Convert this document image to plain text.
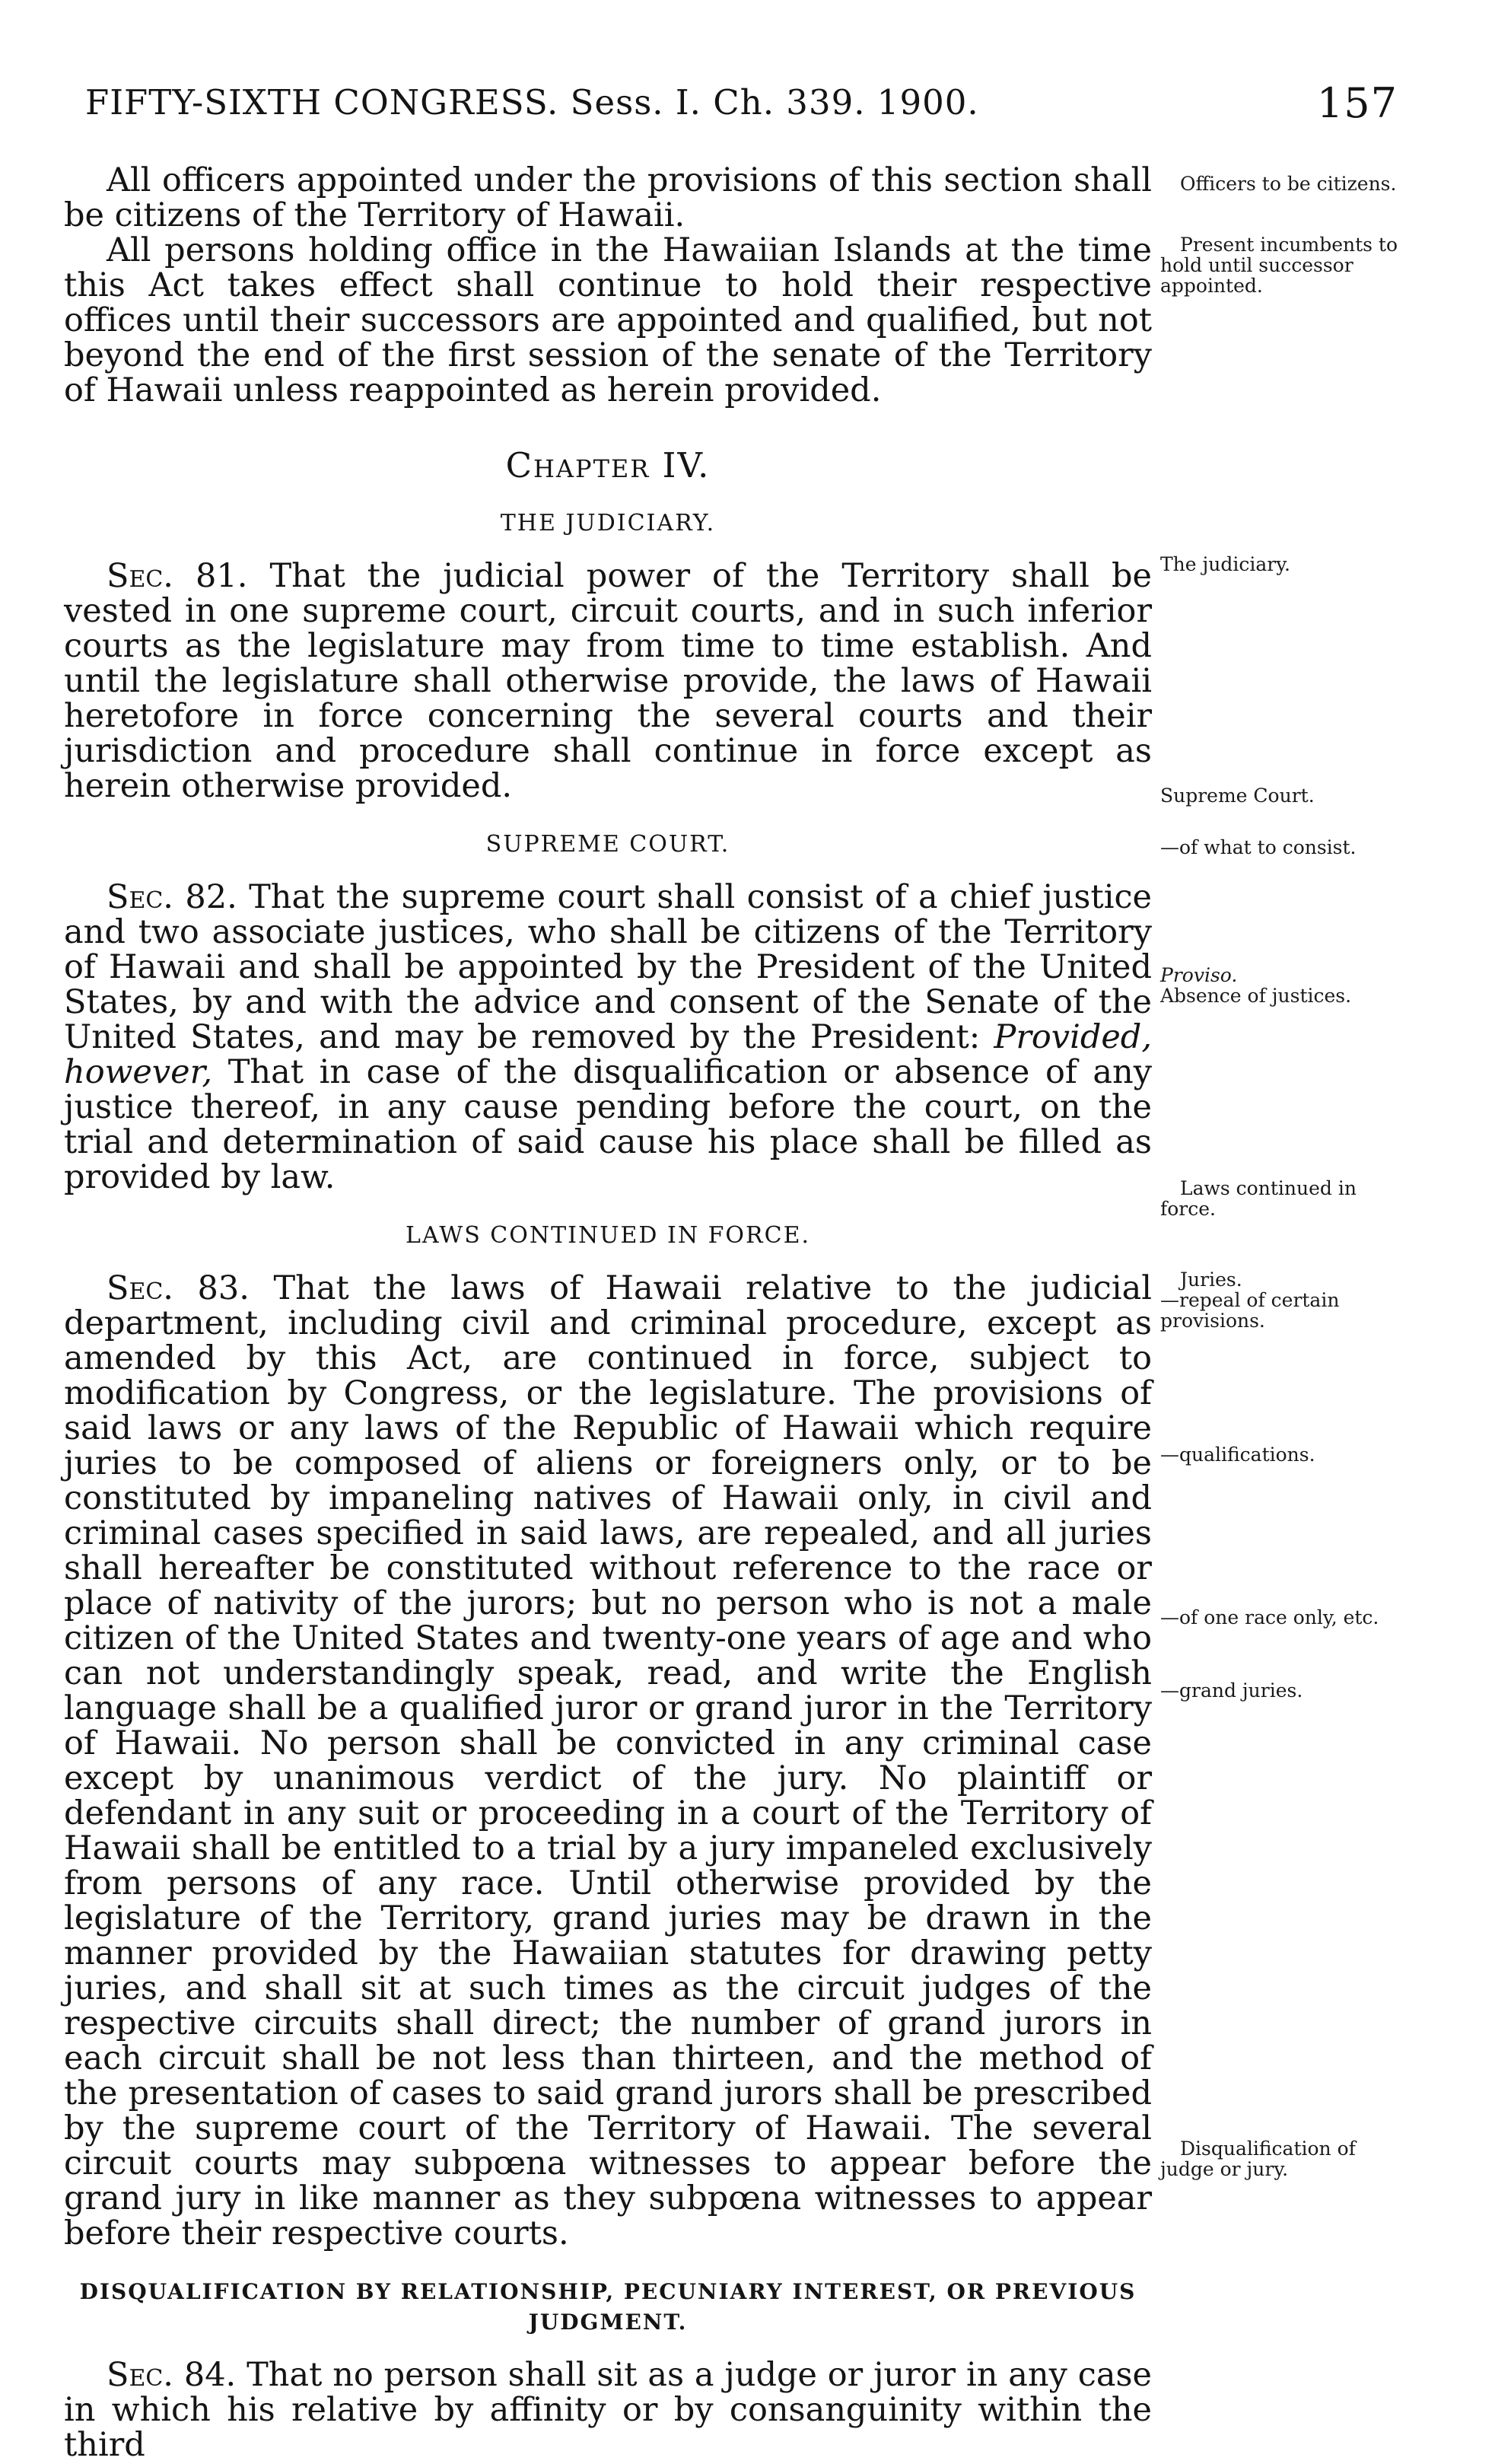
FIFTY-SIXTH CONGRESS. Sess. I. Ch. 339. 1900.	157

All officers appointed under the provisions of this section shall be citizens of the Territory of Hawaii.

All persons holding office in the Hawaiian Islands at the time this Act takes effect shall continue to hold their respective offices until their successors are appointed and qualified, but not beyond the end of the first session of the senate of the Territory of Hawaii unless reappointed as herein provided.

Chapter IV.
THE JUDICIARY.

Sec. 81. That the judicial power of the Territory shall be vested in one supreme court, circuit courts, and in such inferior courts as the legislature may from time to time establish. And until the legislature shall otherwise provide, the laws of Hawaii heretofore in force concerning the several courts and their jurisdiction and procedure shall continue in force except as herein otherwise provided.

SUPREME COURT.

Sec. 82. That the supreme court shall consist of a chief justice and two associate justices, who shall be citizens of the Territory of Hawaii and shall be appointed by the President of the United States, by and with the advice and consent of the Senate of the United States, and may be removed by the President: Provided, however, That in case of the disqualification or absence of any justice thereof, in any cause pending before the court, on the trial and determination of said cause his place shall be filled as provided by law.

LAWS CONTINUED IN FORCE.

Sec. 83. That the laws of Hawaii relative to the judicial department, including civil and criminal procedure, except as amended by this Act, are continued in force, subject to modification by Congress, or the legislature. The provisions of said laws or any laws of the Republic of Hawaii which require juries to be composed of aliens or foreigners only, or to be constituted by impaneling natives of Hawaii only, in civil and criminal cases specified in said laws, are repealed, and all juries shall hereafter be constituted without reference to the race or place of nativity of the jurors; but no person who is not a male citizen of the United States and twenty-one years of age and who can not understandingly speak, read, and write the English language shall be a qualified juror or grand juror in the Territory of Hawaii. No person shall be convicted in any criminal case except by unanimous verdict of the jury. No plaintiff or defendant in any suit or proceeding in a court of the Territory of Hawaii shall be entitled to a trial by a jury impaneled exclusively from persons of any race. Until otherwise provided by the legislature of the Territory, grand juries may be drawn in the manner provided by the Hawaiian statutes for drawing petty juries, and shall sit at such times as the circuit judges of the respective circuits shall direct; the number of grand jurors in each circuit shall be not less than thirteen, and the method of the presentation of cases to said grand jurors shall be prescribed by the supreme court of the Territory of Hawaii. The several circuit courts may subpœna witnesses to appear before the grand jury in like manner as they subpœna witnesses to appear before their respective courts.

DISQUALIFICATION BY RELATIONSHIP, PECUNIARY INTEREST, OR PREVIOUS JUDGMENT.

Sec. 84. That no person shall sit as a judge or juror in any case in which his relative by affinity or by consanguinity within the third

Officers to be citizens.
Present incumbents to hold until successor appointed.
The judiciary.
Supreme Court.
—of what to consist.
Proviso.
Absence of justices.
Laws continued in force.
Juries.
—repeal of certain provisions.
—qualifications.
—of one race only, etc.
—grand juries.
Disqualification of judge or jury.
